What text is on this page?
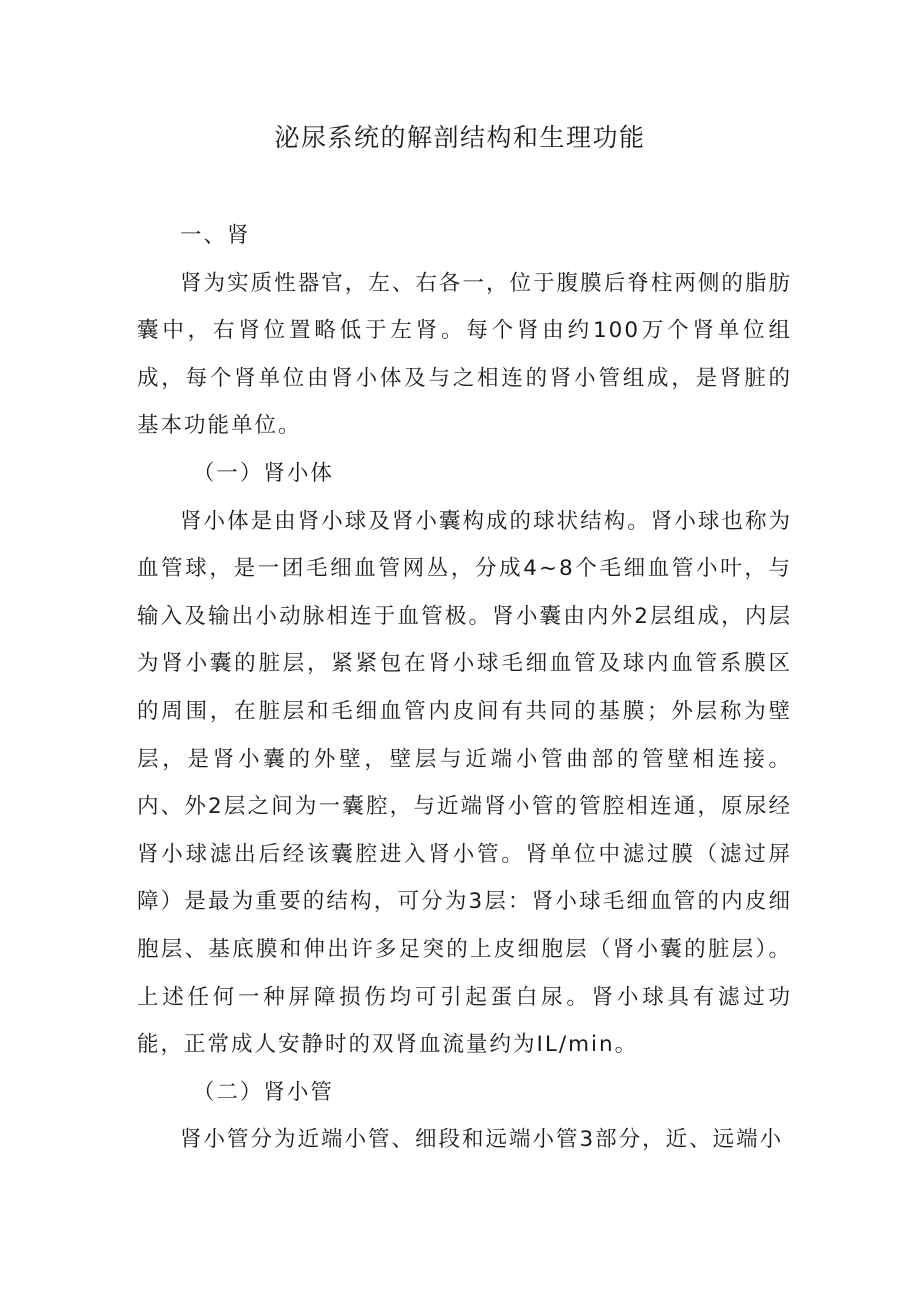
泌尿系统的解剖结构和生理功能

一、肾

肾为实质性器官，左、右各一，位于腹膜后脊柱两侧的脂肪囊中，右肾位置略低于左肾。每个肾由约100万个肾单位组成，每个肾单位由肾小体及与之相连的肾小管组成，是肾脏的基本功能单位。

（一）肾小体

肾小体是由肾小球及肾小囊构成的球状结构。肾小球也称为血管球，是一团毛细血管网丛，分成4~8个毛细血管小叶，与输入及输出小动脉相连于血管极。肾小囊由内外2层组成，内层为肾小囊的脏层，紧紧包在肾小球毛细血管及球内血管系膜区的周围，在脏层和毛细血管内皮间有共同的基膜；外层称为壁层，是肾小囊的外壁，壁层与近端小管曲部的管壁相连接。内、外2层之间为一囊腔，与近端肾小管的管腔相连通，原尿经肾小球滤出后经该囊腔进入肾小管。肾单位中滤过膜（滤过屏障）是最为重要的结构，可分为3层：肾小球毛细血管的内皮细胞层、基底膜和伸出许多足突的上皮细胞层（肾小囊的脏层）。上述任何一种屏障损伤均可引起蛋白尿。肾小球具有滤过功能，正常成人安静时的双肾血流量约为IL/min。

（二）肾小管

肾小管分为近端小管、细段和远端小管3部分，近、远端小
